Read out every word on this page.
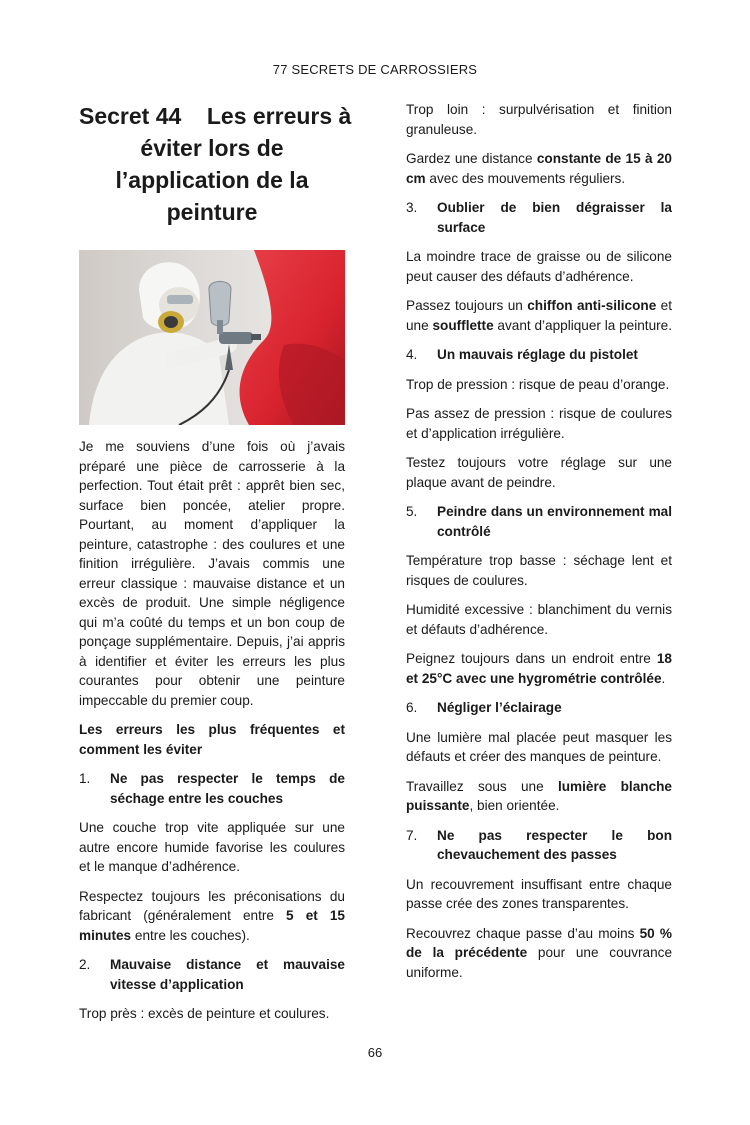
77 SECRETS DE CARROSSIERS
Secret 44    Les erreurs à
éviter lors de
l’application de la
peinture

Je me souviens d’une fois où j’avais préparé une pièce de carrosserie à la perfection. Tout était prêt : apprêt bien sec, surface bien poncée, atelier propre. Pourtant, au moment d’appliquer la peinture, catastrophe : des coulures et une finition irrégulière. J’avais commis une erreur classique : mauvaise distance et un excès de produit. Une simple négligence qui m’a coûté du temps et un bon coup de ponçage supplémentaire. Depuis, j’ai appris à identifier et éviter les erreurs les plus courantes pour obtenir une peinture impeccable du premier coup.

Les erreurs les plus fréquentes et comment les éviter

1.	Ne pas respecter le temps de séchage entre les couches

Une couche trop vite appliquée sur une autre encore humide favorise les coulures et le manque d’adhérence.

Respectez toujours les préconisations du fabricant (généralement entre 5 et 15 minutes entre les couches).

2.	Mauvaise distance et mauvaise vitesse d’application

Trop près : excès de peinture et coulures.

Trop loin : surpulvérisation et finition granuleuse.

Gardez une distance constante de 15 à 20 cm avec des mouvements réguliers.

3.	Oublier de bien dégraisser la surface

La moindre trace de graisse ou de silicone peut causer des défauts d’adhérence.

Passez toujours un chiffon anti-silicone et une soufflette avant d’appliquer la peinture.

4.	Un mauvais réglage du pistolet

Trop de pression : risque de peau d’orange.

Pas assez de pression : risque de coulures et d’application irrégulière.

Testez toujours votre réglage sur une plaque avant de peindre.

5.	Peindre dans un environnement mal contrôlé

Température trop basse : séchage lent et risques de coulures.

Humidité excessive : blanchiment du vernis et défauts d’adhérence.

Peignez toujours dans un endroit entre 18 et 25°C avec une hygrométrie contrôlée.

6.	Négliger l’éclairage

Une lumière mal placée peut masquer les défauts et créer des manques de peinture.

Travaillez sous une lumière blanche puissante, bien orientée.

7.	Ne pas respecter le bon chevauchement des passes

Un recouvrement insuffisant entre chaque passe crée des zones transparentes.

Recouvrez chaque passe d’au moins 50 % de la précédente pour une couvrance uniforme.

66
